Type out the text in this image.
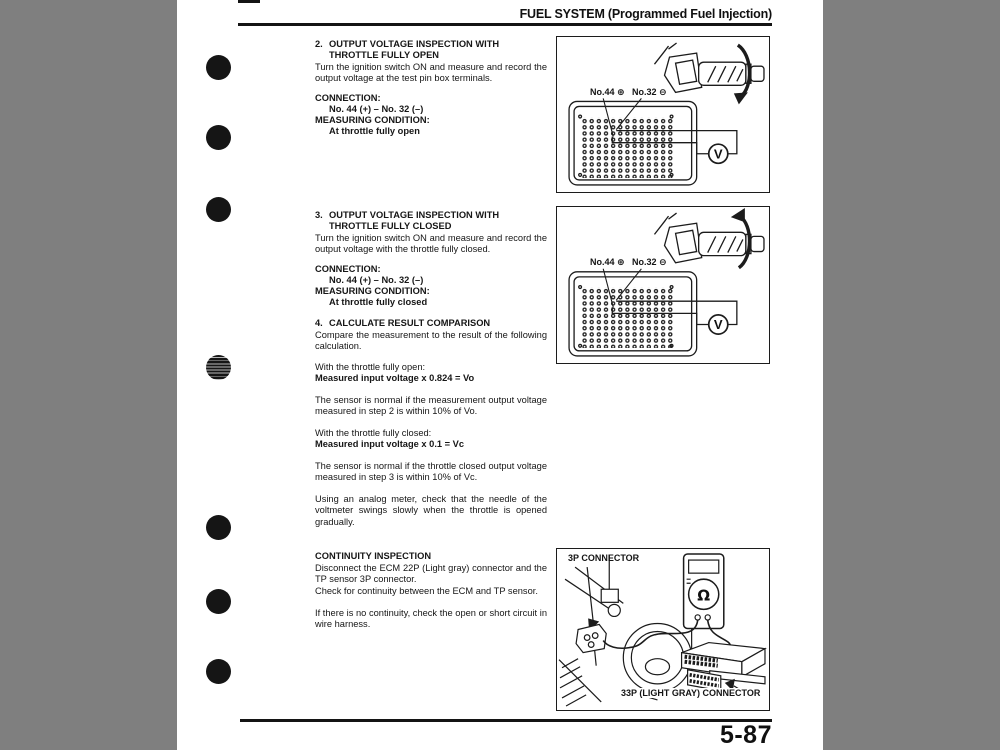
FUEL SYSTEM (Programmed Fuel Injection)
2. OUTPUT VOLTAGE INSPECTION WITH THROTTLE FULLY OPEN
Turn the ignition switch ON and measure and record the output voltage at the test pin box terminals.
CONNECTION:
No. 44 (+) – No. 32 (–)
MEASURING CONDITION:
At throttle fully open
3. OUTPUT VOLTAGE INSPECTION WITH THROTTLE FULLY CLOSED
Turn the ignition switch ON and measure and record the output voltage with the throttle fully closed.
CONNECTION:
No. 44 (+) – No. 32 (–)
MEASURING CONDITION:
At throttle fully closed
4. CALCULATE RESULT COMPARISON
Compare the measurement to the result of the following calculation.
With the throttle fully open:
Measured input voltage x 0.824 = Vo
The sensor is normal if the measurement output voltage measured in step 2 is within 10% of Vo.
With the throttle fully closed:
Measured input voltage x 0.1 = Vc
The sensor is normal if the throttle closed output voltage measured in step 3 is within 10% of Vc.
Using an analog meter, check that the needle of the voltmeter swings slowly when the throttle is opened gradually.
CONTINUITY INSPECTION
Disconnect the ECM 22P (Light gray) connector and the TP sensor 3P connector.
Check for continuity between the ECM and TP sensor.
If there is no continuity, check the open or short circuit in wire harness.
V
No.44 ⊕   No.32 ⊖
V
No.44 ⊕   No.32 ⊖
Ω
3P CONNECTOR
33P (LIGHT GRAY) CONNECTOR
5-87
